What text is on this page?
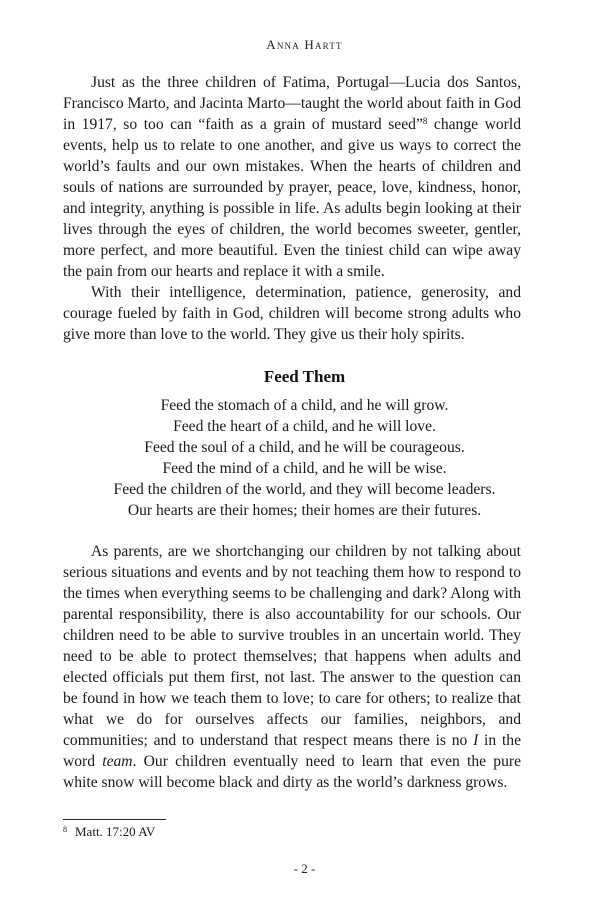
Anna Hartt

Just as the three children of Fatima, Portugal—Lucia dos Santos, Francisco Marto, and Jacinta Marto—taught the world about faith in God in 1917, so too can “faith as a grain of mustard seed”$^8$ change world events, help us to relate to one another, and give us ways to correct the world’s faults and our own mistakes. When the hearts of children and souls of nations are surrounded by prayer, peace, love, kindness, honor, and integrity, anything is possible in life. As adults begin looking at their lives through the eyes of children, the world becomes sweeter, gentler, more perfect, and more beautiful. Even the tiniest child can wipe away the pain from our hearts and replace it with a smile.

With their intelligence, determination, patience, generosity, and courage fueled by faith in God, children will become strong adults who give more than love to the world. They give us their holy spirits.

Feed Them
Feed the stomach of a child, and he will grow.
Feed the heart of a child, and he will love.
Feed the soul of a child, and he will be courageous.
Feed the mind of a child, and he will be wise.
Feed the children of the world, and they will become leaders.
Our hearts are their homes; their homes are their futures.

As parents, are we shortchanging our children by not talking about serious situations and events and by not teaching them how to respond to the times when everything seems to be challenging and dark? Along with parental responsibility, there is also accountability for our schools. Our children need to be able to survive troubles in an uncertain world. They need to be able to protect themselves; that happens when adults and elected officials put them first, not last. The answer to the question can be found in how we teach them to love; to care for others; to realize that what we do for ourselves affects our families, neighbors, and communities; and to understand that respect means there is no I in the word team. Our children eventually need to learn that even the pure white snow will become black and dirty as the world’s darkness grows.

$^8$ Matt. 17:20 AV
- 2 -
